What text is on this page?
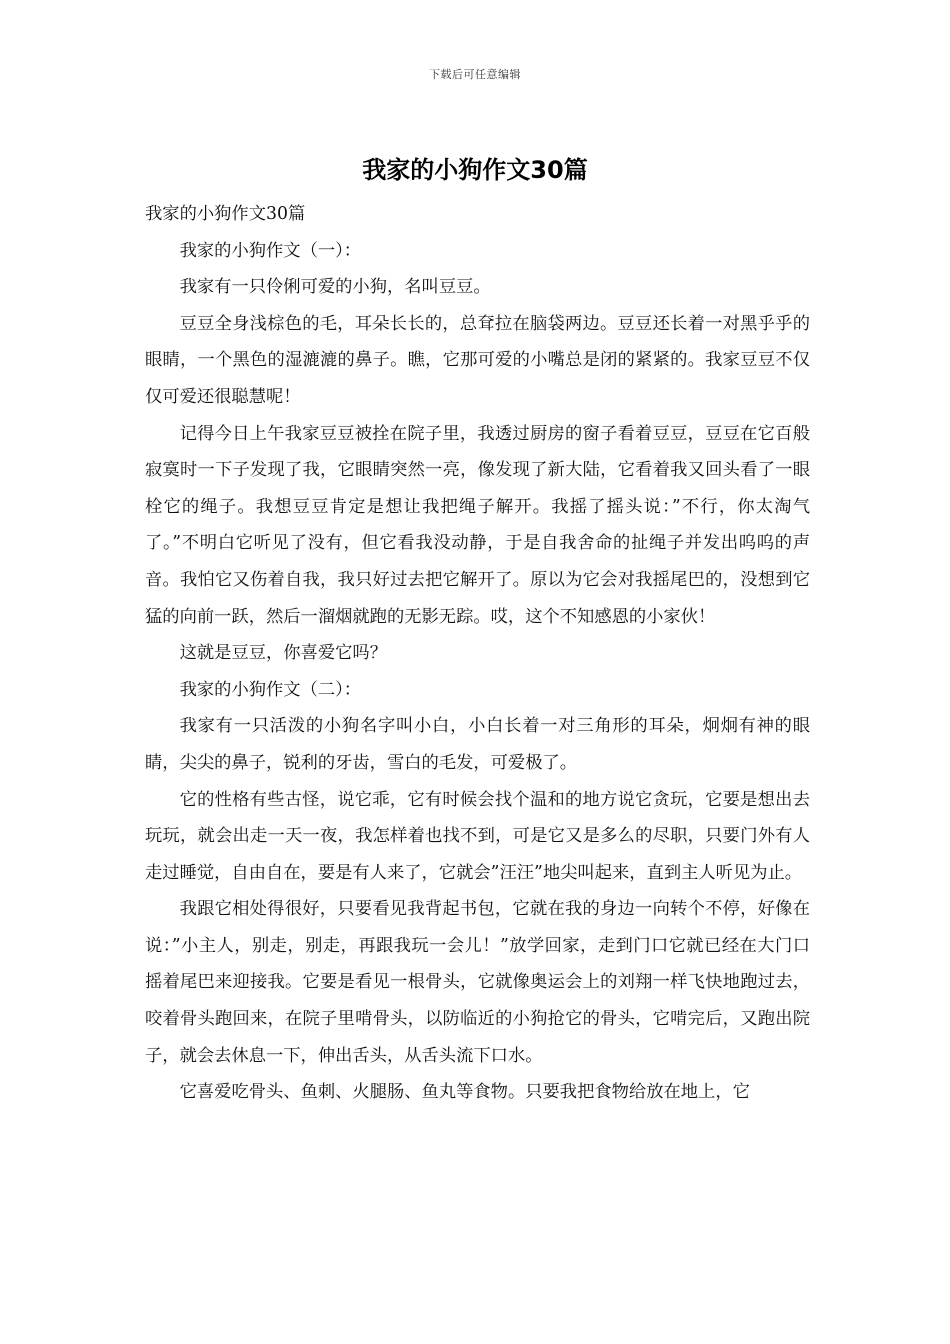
下载后可任意编辑
我家的小狗作文30篇

我家的小狗作文30篇

我家的小狗作文（一）：

我家有一只伶俐可爱的小狗，名叫豆豆。

豆豆全身浅棕色的毛，耳朵长长的，总耷拉在脑袋两边。豆豆还长着一对黑乎乎的眼睛，一个黑色的湿漉漉的鼻子。瞧，它那可爱的小嘴总是闭的紧紧的。我家豆豆不仅仅可爱还很聪慧呢！

记得今日上午我家豆豆被拴在院子里，我透过厨房的窗子看着豆豆，豆豆在它百般寂寞时一下子发现了我，它眼睛突然一亮，像发现了新大陆，它看着我又回头看了一眼栓它的绳子。我想豆豆肯定是想让我把绳子解开。我摇了摇头说：”不行，你太淘气了。”不明白它听见了没有，但它看我没动静，于是自我舍命的扯绳子并发出呜呜的声音。我怕它又伤着自我，我只好过去把它解开了。原以为它会对我摇尾巴的，没想到它猛的向前一跃，然后一溜烟就跑的无影无踪。哎，这个不知感恩的小家伙！

这就是豆豆，你喜爱它吗？

我家的小狗作文（二）：

我家有一只活泼的小狗名字叫小白，小白长着一对三角形的耳朵，炯炯有神的眼睛，尖尖的鼻子，锐利的牙齿，雪白的毛发，可爱极了。

它的性格有些古怪，说它乖，它有时候会找个温和的地方说它贪玩，它要是想出去玩玩，就会出走一天一夜，我怎样着也找不到，可是它又是多么的尽职，只要门外有人走过睡觉，自由自在，要是有人来了，它就会”汪汪”地尖叫起来，直到主人听见为止。

我跟它相处得很好，只要看见我背起书包，它就在我的身边一向转个不停，好像在说：”小主人，别走，别走，再跟我玩一会儿！”放学回家，走到门口它就已经在大门口摇着尾巴来迎接我。它要是看见一根骨头，它就像奥运会上的刘翔一样飞快地跑过去，咬着骨头跑回来，在院子里啃骨头，以防临近的小狗抢它的骨头，它啃完后，又跑出院子，就会去休息一下，伸出舌头，从舌头流下口水。

它喜爱吃骨头、鱼刺、火腿肠、鱼丸等食物。只要我把食物给放在地上，它
